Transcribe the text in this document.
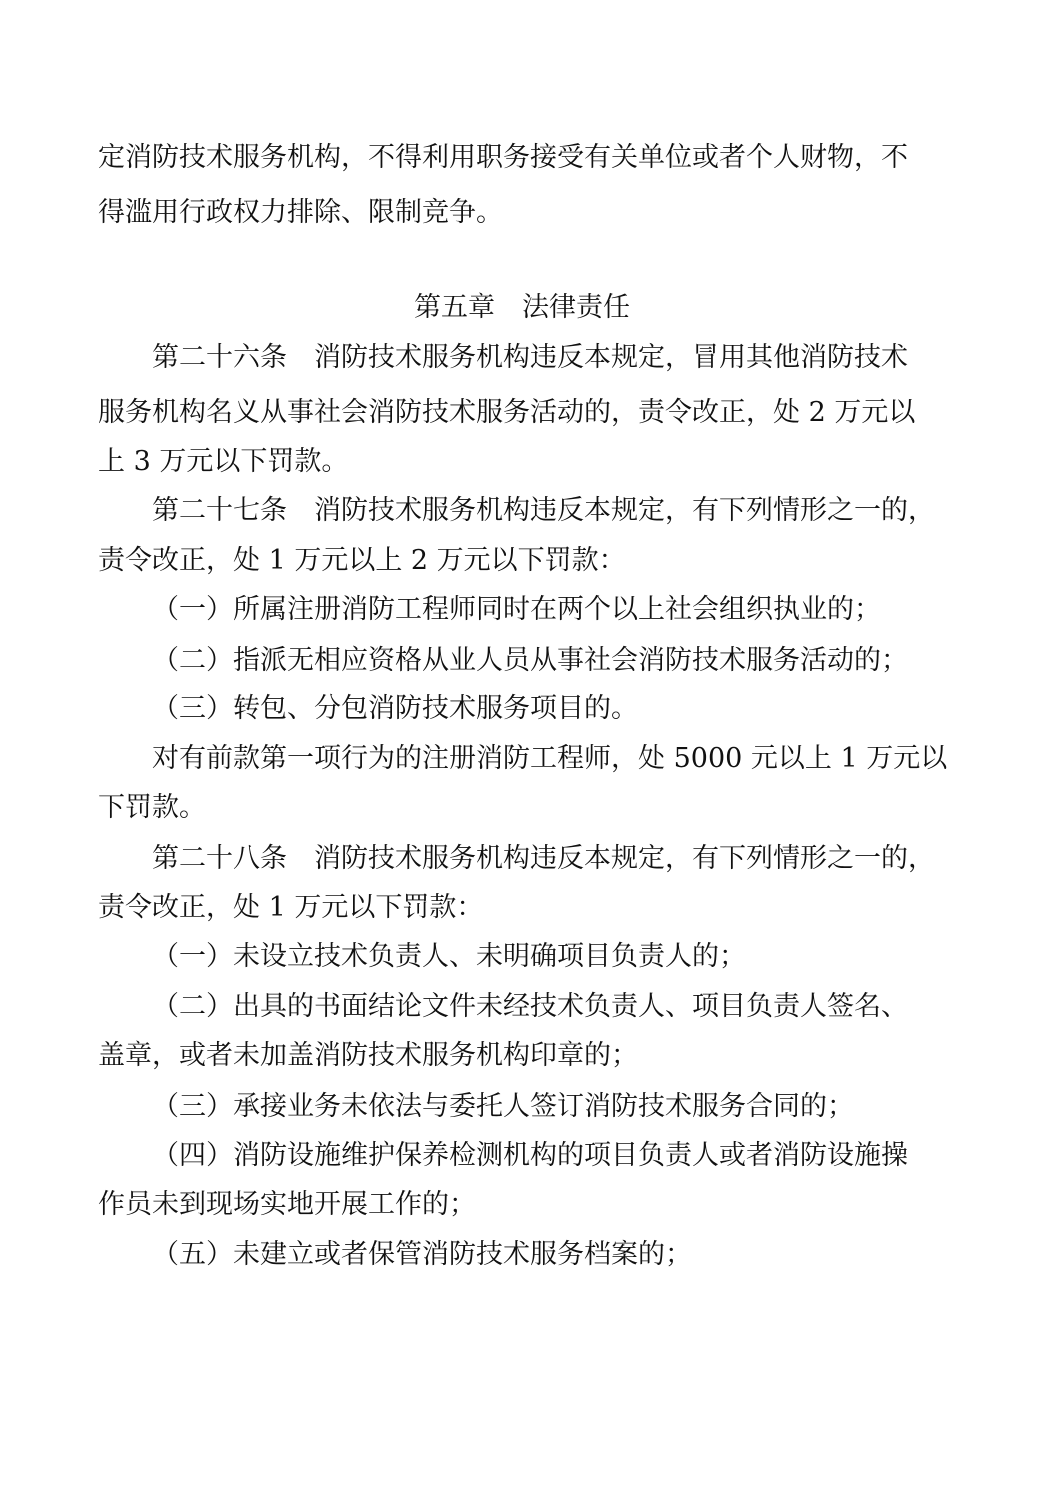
定消防技术服务机构，不得利用职务接受有关单位或者个人财物，不
得滥用行政权力排除、限制竞争。
第五章　法律责任
第二十六条　消防技术服务机构违反本规定，冒用其他消防技术
服务机构名义从事社会消防技术服务活动的，责令改正，处 2 万元以
上 3 万元以下罚款。
第二十七条　消防技术服务机构违反本规定，有下列情形之一的，
责令改正，处 1 万元以上 2 万元以下罚款：
（一）所属注册消防工程师同时在两个以上社会组织执业的；
（二）指派无相应资格从业人员从事社会消防技术服务活动的；
（三）转包、分包消防技术服务项目的。
对有前款第一项行为的注册消防工程师，处 5000 元以上 1 万元以
下罚款。
第二十八条　消防技术服务机构违反本规定，有下列情形之一的，
责令改正，处 1 万元以下罚款：
（一）未设立技术负责人、未明确项目负责人的；
（二）出具的书面结论文件未经技术负责人、项目负责人签名、
盖章，或者未加盖消防技术服务机构印章的；
（三）承接业务未依法与委托人签订消防技术服务合同的；
（四）消防设施维护保养检测机构的项目负责人或者消防设施操
作员未到现场实地开展工作的；
（五）未建立或者保管消防技术服务档案的；
